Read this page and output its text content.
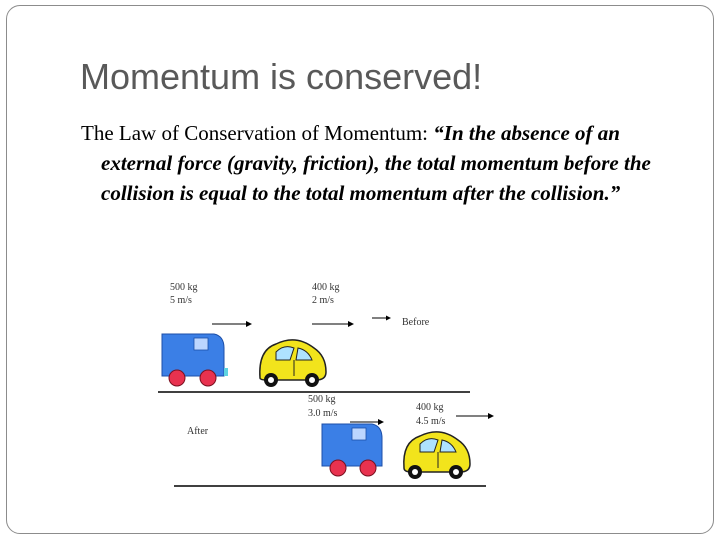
Momentum is conserved!
The Law of Conservation of Momentum: “In the absence of an external force (gravity, friction), the total momentum before the collision is equal to the total momentum after the collision.”
500 kg
5 m/s
400 kg
2 m/s
Before
500 kg
3.0 m/s
400 kg
4.5 m/s
After
